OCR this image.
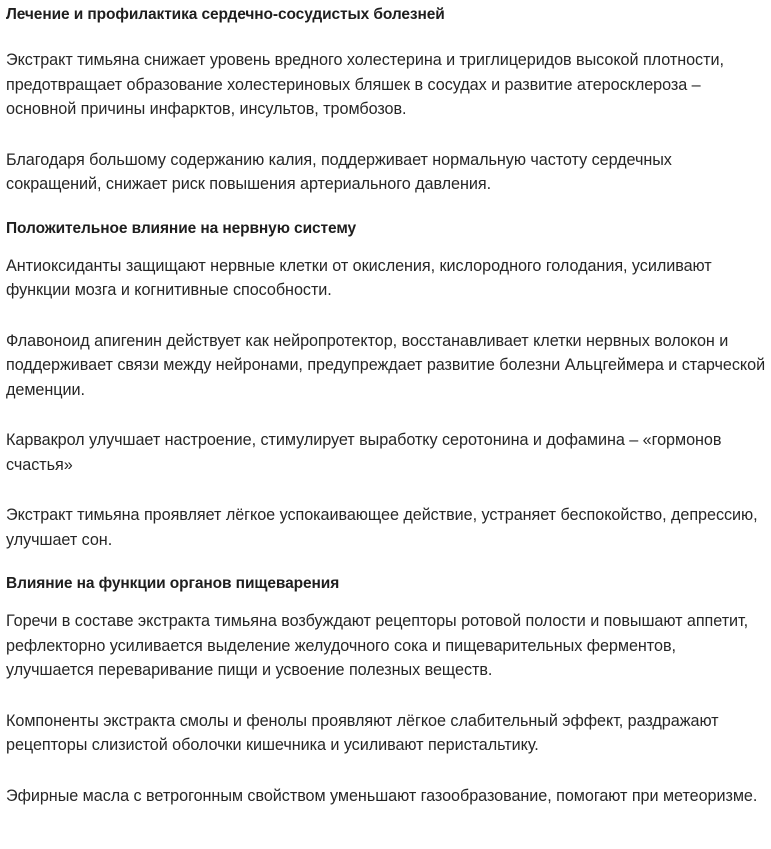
Лечение и профилактика сердечно-сосудистых болезней

Экстракт тимьяна снижает уровень вредного холестерина и триглицеридов высокой плотности, предотвращает образование холестериновых бляшек в сосудах и развитие атеросклероза – основной причины инфарктов, инсультов, тромбозов.

Благодаря большому содержанию калия, поддерживает нормальную частоту сердечных сокращений, снижает риск повышения артериального давления.

Положительное влияние на нервную систему

Антиоксиданты защищают нервные клетки от окисления, кислородного голодания, усиливают функции мозга и когнитивные способности.

Флавоноид апигенин действует как нейропротектор, восстанавливает клетки нервных волокон и поддерживает связи между нейронами, предупреждает развитие болезни Альцгеймера и старческой деменции.

Карвакрол улучшает настроение, стимулирует выработку серотонина и дофамина – «гормонов счастья»

Экстракт тимьяна проявляет лёгкое успокаивающее действие, устраняет беспокойство, депрессию, улучшает сон.

Влияние на функции органов пищеварения

Горечи в составе экстракта тимьяна возбуждают рецепторы ротовой полости и повышают аппетит, рефлекторно усиливается выделение желудочного сока и пищеварительных ферментов, улучшается переваривание пищи и усвоение полезных веществ.

Компоненты экстракта смолы и фенолы проявляют лёгкое слабительный эффект, раздражают рецепторы слизистой оболочки кишечника и усиливают перистальтику.

Эфирные масла с ветрогонным свойством уменьшают газообразование, помогают при метеоризме.
